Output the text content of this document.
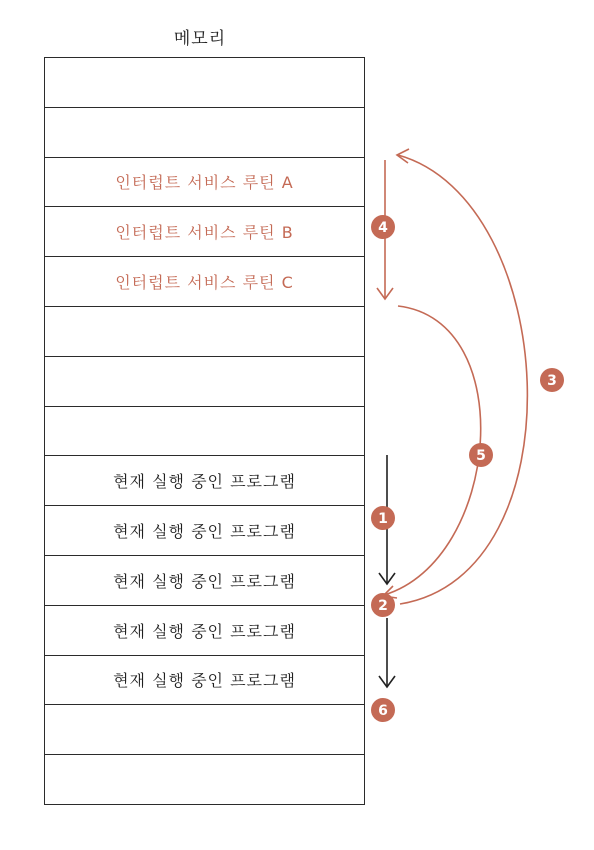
메모리
인터럽트 서비스 루틴 A
인터럽트 서비스 루틴 B
인터럽트 서비스 루틴 C
현재 실행 중인 프로그램
현재 실행 중인 프로그램
현재 실행 중인 프로그램
현재 실행 중인 프로그램
현재 실행 중인 프로그램
1
2
3
4
5
6
